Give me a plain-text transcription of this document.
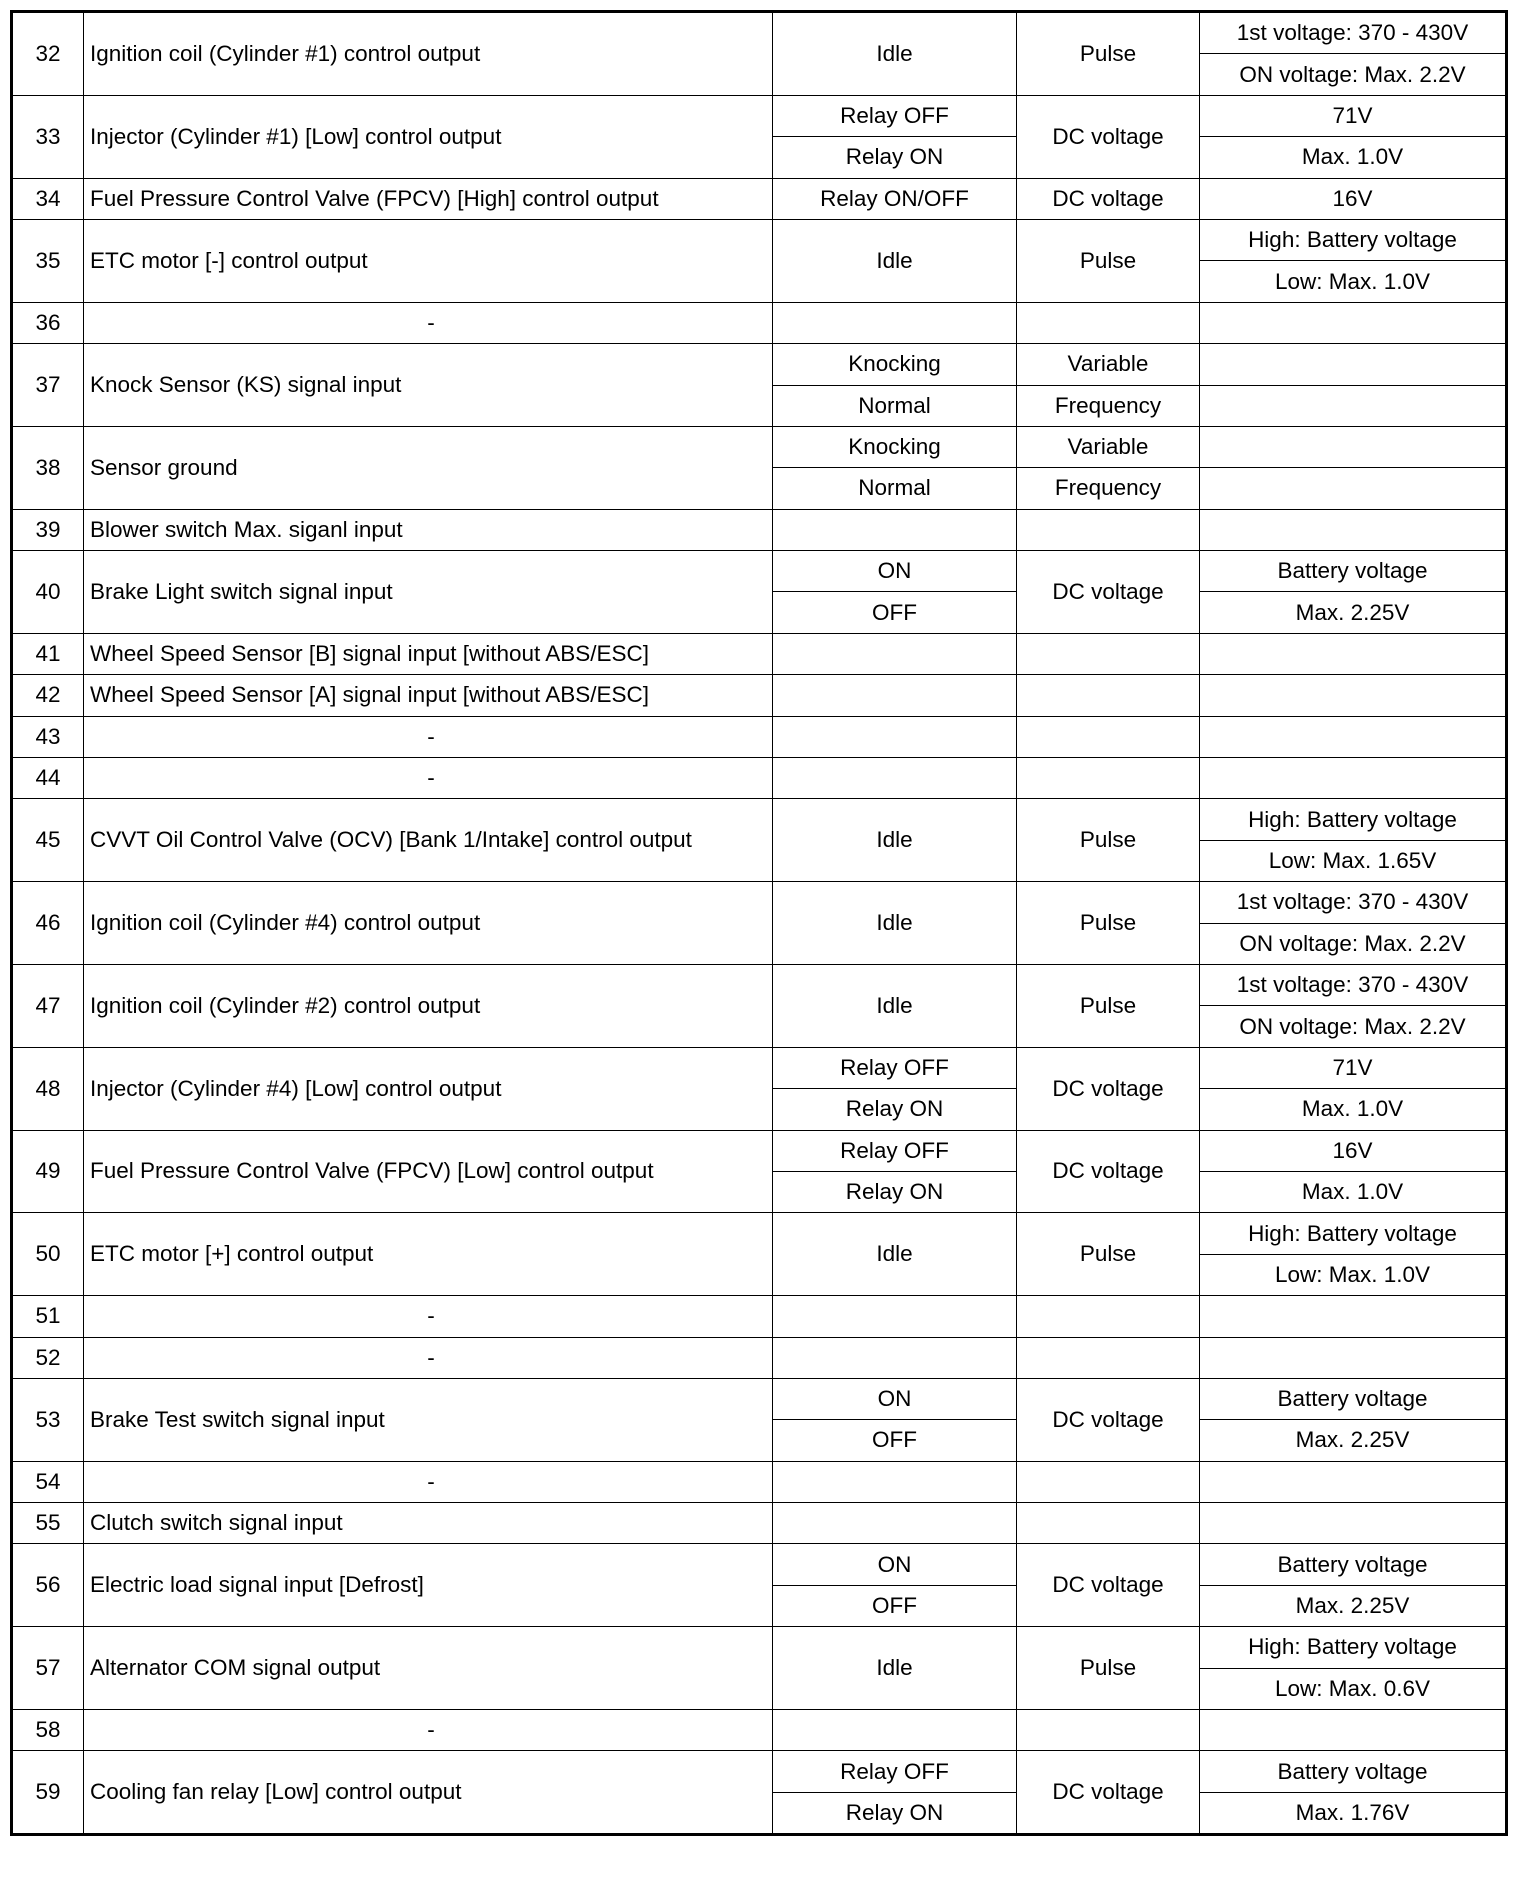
32	Ignition coil (Cylinder #1) control output	Idle	Pulse	1st voltage: 370 - 430V
				ON voltage: Max. 2.2V
33	Injector (Cylinder #1) [Low] control output	Relay OFF	DC voltage	71V
		Relay ON		Max. 1.0V
34	Fuel Pressure Control Valve (FPCV) [High] control output	Relay ON/OFF	DC voltage	16V
35	ETC motor [-] control output	Idle	Pulse	High: Battery voltage
				Low: Max. 1.0V
36	-			
37	Knock Sensor (KS) signal input	Knocking	Variable	
		Normal	Frequency	
38	Sensor ground	Knocking	Variable	
		Normal	Frequency	
39	Blower switch Max. siganl input			
40	Brake Light switch signal input	ON	DC voltage	Battery voltage
		OFF		Max. 2.25V
41	Wheel Speed Sensor [B] signal input [without ABS/ESC]			
42	Wheel Speed Sensor [A] signal input [without ABS/ESC]			
43	-			
44	-			
45	CVVT Oil Control Valve (OCV) [Bank 1/Intake] control output	Idle	Pulse	High: Battery voltage
				Low: Max. 1.65V
46	Ignition coil (Cylinder #4) control output	Idle	Pulse	1st voltage: 370 - 430V
				ON voltage: Max. 2.2V
47	Ignition coil (Cylinder #2) control output	Idle	Pulse	1st voltage: 370 - 430V
				ON voltage: Max. 2.2V
48	Injector (Cylinder #4) [Low] control output	Relay OFF	DC voltage	71V
		Relay ON		Max. 1.0V
49	Fuel Pressure Control Valve (FPCV) [Low] control output	Relay OFF	DC voltage	16V
		Relay ON		Max. 1.0V
50	ETC motor [+] control output	Idle	Pulse	High: Battery voltage
				Low: Max. 1.0V
51	-			
52	-			
53	Brake Test switch signal input	ON	DC voltage	Battery voltage
		OFF		Max. 2.25V
54	-			
55	Clutch switch signal input			
56	Electric load signal input [Defrost]	ON	DC voltage	Battery voltage
		OFF		Max. 2.25V
57	Alternator COM signal output	Idle	Pulse	High: Battery voltage
				Low: Max. 0.6V
58	-			
59	Cooling fan relay [Low] control output	Relay OFF	DC voltage	Battery voltage
		Relay ON		Max. 1.76V
